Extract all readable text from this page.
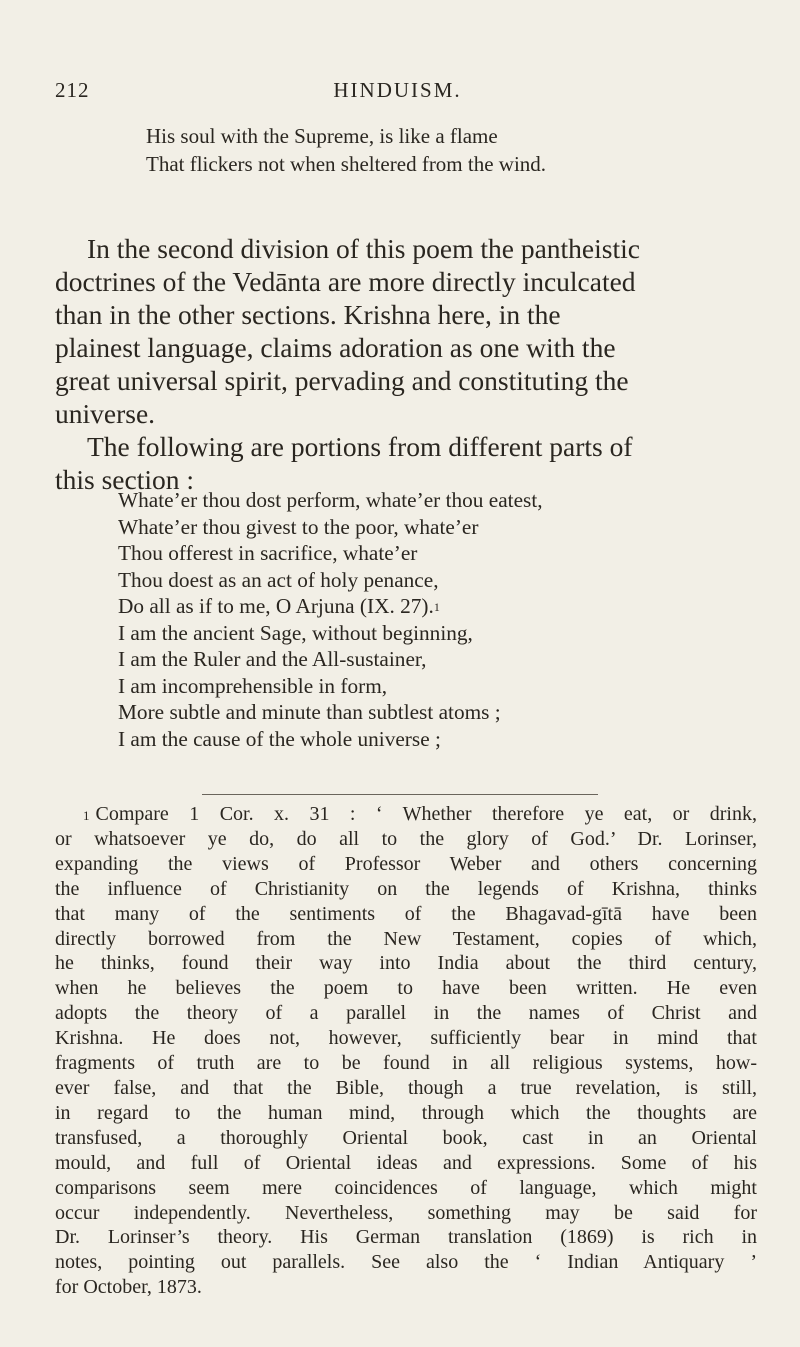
212	HINDUISM.
His soul with the Supreme, is like a flame
That flickers not when sheltered from the wind.

In the second division of this poem the pantheistic
doctrines of the Vedānta are more directly inculcated
than in the other sections. Krishna here, in the
plainest language, claims adoration as one with the
great universal spirit, pervading and constituting the
universe.

The following are portions from different parts of
this section :

Whate’er thou dost perform, whate’er thou eatest,
Whate’er thou givest to the poor, whate’er
Thou offerest in sacrifice, whate’er
Thou doest as an act of holy penance,
Do all as if to me, O Arjuna (IX. 27).$^1$
I am the ancient Sage, without beginning,
I am the Ruler and the All-sustainer,
I am incomprehensible in form,
More subtle and minute than subtlest atoms ;
I am the cause of the whole universe ;
$^1$ Compare 1 Cor. x. 31 : ‘ Whether therefore ye eat, or drink,
or whatsoever ye do, do all to the glory of God.’ Dr. Lorinser,
expanding the views of Professor Weber and others concerning
the influence of Christianity on the legends of Krishna, thinks
that many of the sentiments of the Bhagavad-gītā have been
directly borrowed from the New Testament, copies of which,
he thinks, found their way into India about the third century,
when he believes the poem to have been written. He even
adopts the theory of a parallel in the names of Christ and
Krishna. He does not, however, sufficiently bear in mind that
fragments of truth are to be found in all religious systems, how-
ever false, and that the Bible, though a true revelation, is still,
in regard to the human mind, through which the thoughts are
transfused, a thoroughly Oriental book, cast in an Oriental
mould, and full of Oriental ideas and expressions. Some of his
comparisons seem mere coincidences of language, which might
occur independently. Nevertheless, something may be said for
Dr. Lorinser’s theory. His German translation (1869) is rich in
notes, pointing out parallels. See also the ‘ Indian Antiquary ’
for October, 1873.
